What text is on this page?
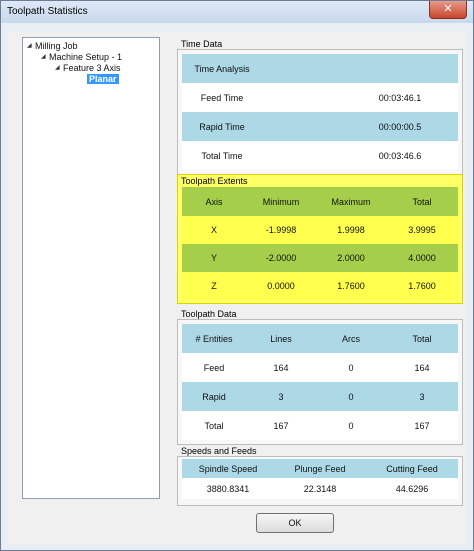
Toolpath Statistics	✕
◢ Milling Job
◢ Machine Setup - 1
◢ Feature 3 Axis
Planar
Time Data
Time Analysis	
Feed Time	00:03:46.1
Rapid Time	00:00:00.5
Total Time	00:03:46.6
Toolpath Extents
Axis	Minimum	Maximum	Total
X	-1.9998	1.9998	3.9995
Y	-2.0000	2.0000	4.0000
Z	0.0000	1.7600	1.7600
Toolpath Data
# Entities	Lines	Arcs	Total
Feed	164	0	164
Rapid	3	0	3
Total	167	0	167
Speeds and Feeds
Spindle Speed	Plunge Feed	Cutting Feed
3880.8341	22.3148	44.6296
OK
